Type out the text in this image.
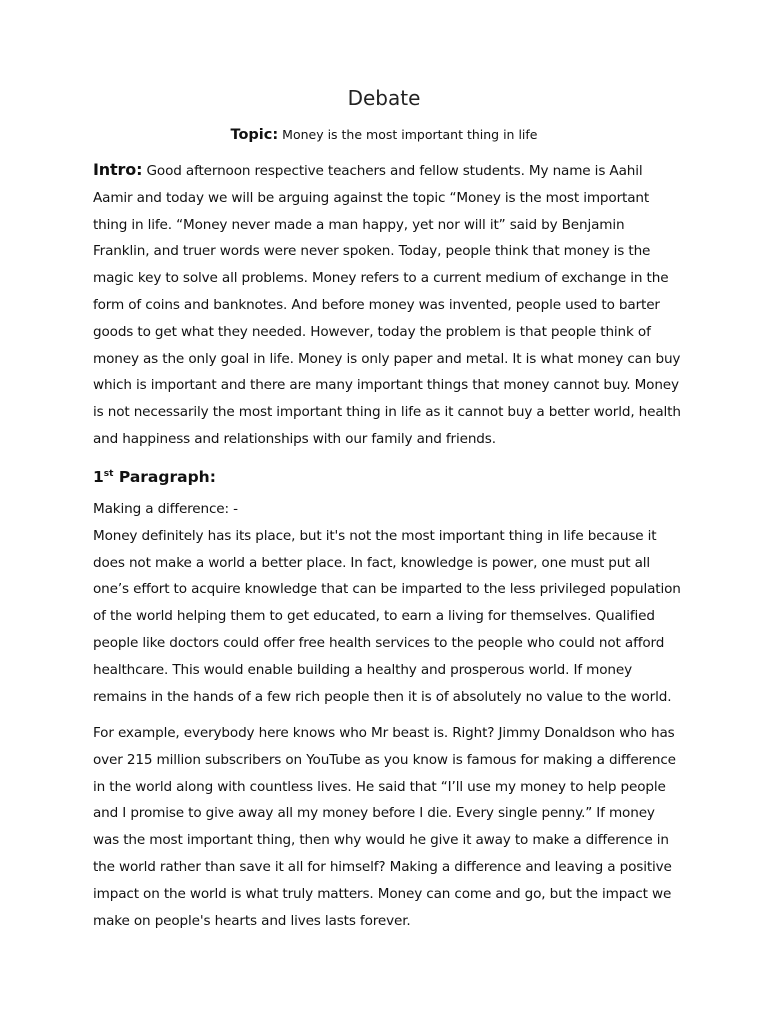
Debate
Topic: Money is the most important thing in life

Intro: Good afternoon respective teachers and fellow students. My name is Aahil Aamir and today we will be arguing against the topic “Money is the most important thing in life. “Money never made a man happy, yet nor will it” said by Benjamin Franklin, and truer words were never spoken. Today, people think that money is the magic key to solve all problems. Money refers to a current medium of exchange in the form of coins and banknotes. And before money was invented, people used to barter goods to get what they needed. However, today the problem is that people think of money as the only goal in life. Money is only paper and metal. It is what money can buy which is important and there are many important things that money cannot buy. Money is not necessarily the most important thing in life as it cannot buy a better world, health and happiness and relationships with our family and friends.

1st Paragraph:

Making a difference: -

Money definitely has its place, but it's not the most important thing in life because it does not make a world a better place. In fact, knowledge is power, one must put all one’s effort to acquire knowledge that can be imparted to the less privileged population of the world helping them to get educated, to earn a living for themselves. Qualified people like doctors could offer free health services to the people who could not afford healthcare. This would enable building a healthy and prosperous world. If money remains in the hands of a few rich people then it is of absolutely no value to the world.

For example, everybody here knows who Mr beast is. Right? Jimmy Donaldson who has over 215 million subscribers on YouTube as you know is famous for making a difference in the world along with countless lives. He said that “I’ll use my money to help people and I promise to give away all my money before I die. Every single penny.” If money was the most important thing, then why would he give it away to make a difference in the world rather than save it all for himself? Making a difference and leaving a positive impact on the world is what truly matters. Money can come and go, but the impact we make on people's hearts and lives lasts forever.
